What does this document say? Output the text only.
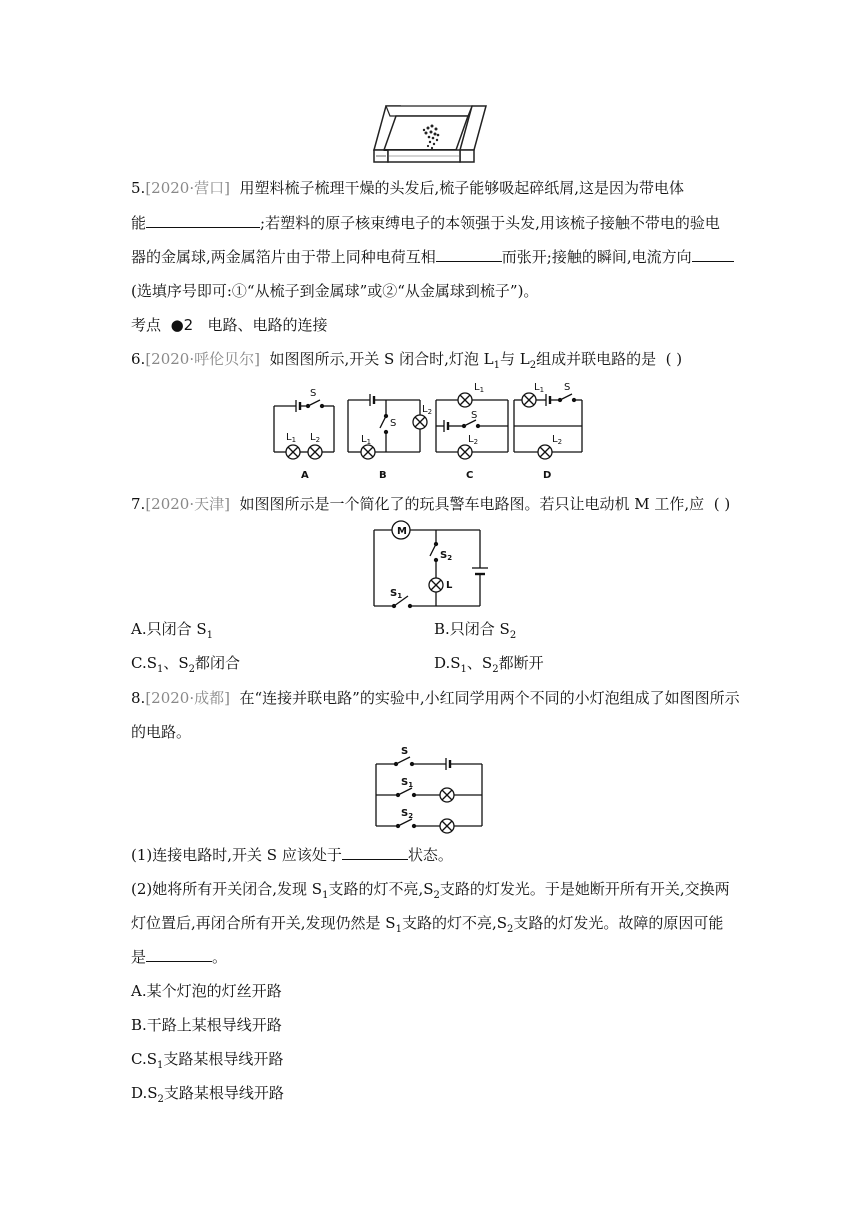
5.[2020·营口] 用塑料梳子梳理干燥的头发后,梳子能够吸起碎纸屑,这是因为带电体
能	;若塑料的原子核束缚电子的本领强于头发,用该梳子接触不带电的验电
器的金属球,两金属箔片由于带上同种电荷互相	而张开;接触的瞬间,电流方向
(选填序号即可:①“从梳子到金属球”或②“从金属球到梳子”)。
考点 ●2 电路、电路的连接
6.[2020·呼伦贝尔] 如图图所示,开关 S 闭合时,灯泡 $L_1$与 $L_2$组成并联电路的是 ( )
S
$L_1$ $L_2$
A
S
$L_1$
$L_2$
B
$L_1$
S
$L_2$
C
$L_1$ S
$L_2$
D
7.[2020·天津] 如图图所示是一个简化了的玩具警车电路图。若只让电动机 M 工作,应 ( )
M
$S_2$
L
$S_1$
A.只闭合 $S_1$	B.只闭合 $S_2$
$C.S_1$、$S_2$都闭合	$D.S_1$、$S_2$都断开
8.[2020·成都] 在“连接并联电路”的实验中,小红同学用两个不同的小灯泡组成了如图图所示
的电路。
S
$S_1$
$S_2$
(1)连接电路时,开关 S 应该处于	状态。
(2)她将所有开关闭合,发现 $S_1$支路的灯不亮$,S_2$支路的灯发光。于是她断开所有开关,交换两
灯位置后,再闭合所有开关,发现仍然是 $S_1$支路的灯不亮$,S_2$支路的灯发光。故障的原因可能
是	。
A.某个灯泡的灯丝开路
B.干路上某根导线开路
$C.S_1$支路某根导线开路
$D.S_2$支路某根导线开路
